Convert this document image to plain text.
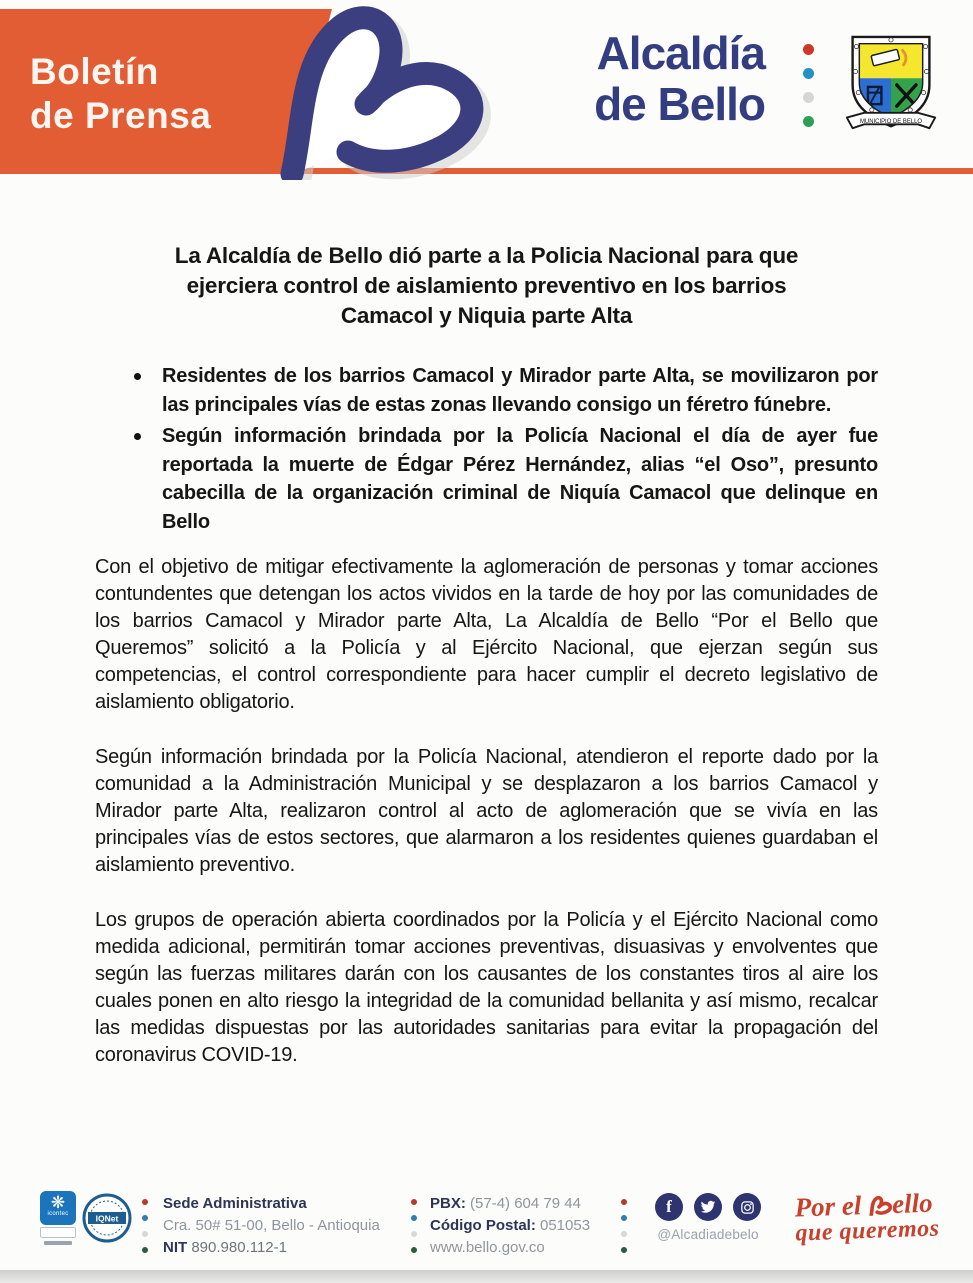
Boletín
de Prensa
Alcaldía
de Bello	MUNICIPIO DE BELLO
La Alcaldía de Bello dió parte a la Policia Nacional para que
ejerciera control de aislamiento preventivo en los barrios
Camacol y Niquia parte Alta
Residentes de los barrios Camacol y Mirador parte Alta, se movilizaron por las principales vías de estas zonas llevando consigo un féretro fúnebre.
Según información brindada por la Policía Nacional el día de ayer fue reportada la muerte de Édgar Pérez Hernández, alias “el Oso”, presunto cabecilla de la organización criminal de Niquía Camacol que delinque en Bello

Con el objetivo de mitigar efectivamente la aglomeración de personas y tomar acciones contundentes que detengan los actos vividos en la tarde de hoy por las comunidades de los barrios Camacol y Mirador parte Alta, La Alcaldía de Bello “Por el Bello que Queremos” solicitó a la Policía y al Ejército Nacional, que ejerzan según sus competencias, el control correspondiente para hacer cumplir el decreto legislativo de aislamiento obligatorio.

Según información brindada por la Policía Nacional, atendieron el reporte dado por la comunidad a la Administración Municipal y se desplazaron a los barrios Camacol y Mirador parte Alta, realizaron control al acto de aglomeración que se vivía en las principales vías de estos sectores, que alarmaron a los residentes quienes guardaban el aislamiento preventivo.

Los grupos de operación abierta coordinados por la Policía y el Ejército Nacional como medida adicional, permitirán tomar acciones preventivas, disuasivas y envolventes que según las fuerzas militares darán con los causantes de los constantes tiros al aire los cuales ponen en alto riesgo la integridad de la comunidad bellanita y así mismo, recalcar las medidas dispuestas por las autoridades sanitarias para evitar la propagación del coronavirus COVID-19.

❋
icontec	IQNet
Sede Administrativa
Cra. 50# 51-00, Bello - Antioquia
NIT 890.980.112-1
PBX: (57-4) 604 79 44
Código Postal: 051053
www.bello.gov.co
f
@Alcadiadebelo
Por el ello
que queremos
